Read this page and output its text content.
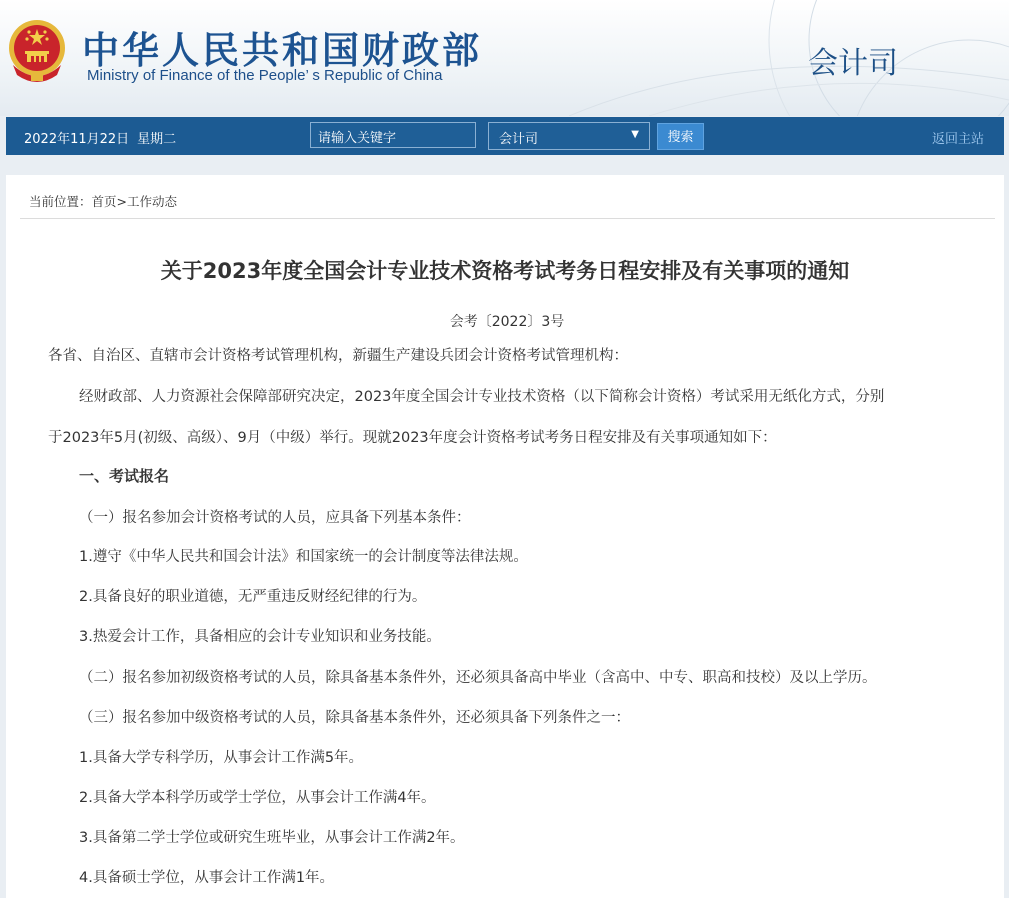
中华人民共和国财政部
Ministry of Finance of the People’ s Republic of China	会计司
2022年11月22日 星期二	请输入关键字	会计司	▼	搜索	返回主站
当前位置：首页>工作动态
关于2023年度全国会计专业技术资格考试考务日程安排及有关事项的通知
会考〔2022〕3号
各省、自治区、直辖市会计资格考试管理机构，新疆生产建设兵团会计资格考试管理机构：
经财政部、人力资源社会保障部研究决定，2023年度全国会计专业技术资格（以下简称会计资格）考试采用无纸化方式，分别
于2023年5月(初级、高级）、9月（中级）举行。现就2023年度会计资格考试考务日程安排及有关事项通知如下：
一、考试报名
（一）报名参加会计资格考试的人员，应具备下列基本条件：
1.遵守《中华人民共和国会计法》和国家统一的会计制度等法律法规。
2.具备良好的职业道德，无严重违反财经纪律的行为。
3.热爱会计工作，具备相应的会计专业知识和业务技能。
（二）报名参加初级资格考试的人员，除具备基本条件外，还必须具备高中毕业（含高中、中专、职高和技校）及以上学历。
（三）报名参加中级资格考试的人员，除具备基本条件外，还必须具备下列条件之一：
1.具备大学专科学历，从事会计工作满5年。
2.具备大学本科学历或学士学位，从事会计工作满4年。
3.具备第二学士学位或研究生班毕业，从事会计工作满2年。
4.具备硕士学位，从事会计工作满1年。
